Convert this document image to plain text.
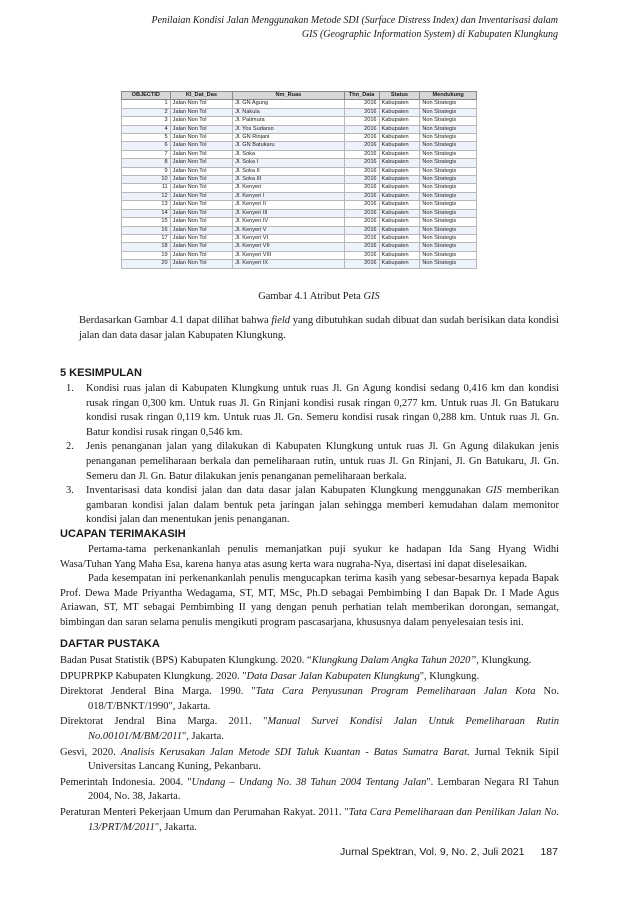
Penilaian Kondisi Jalan Menggunakan Metode SDI (Surface Distress Index) dan Inventarisasi dalam
GIS (Geographic Information System) di Kabupaten Klungkung
OBJECTID	Kl_Dat_Das	Nm_Ruas	Thn_Data	Status	Mendukung
1	Jalan Non Tol	Jl. GN Agung	2016	Kabupaten	Non Strategis
2	Jalan Non Tol	Jl. Nakula	2016	Kabupaten	Non Strategis
3	Jalan Non Tol	Jl. Patimura	2016	Kabupaten	Non Strategis
4	Jalan Non Tol	Jl. Yos Sudarso	2016	Kabupaten	Non Strategis
5	Jalan Non Tol	Jl. GN Rinjani	2016	Kabupaten	Non Strategis
6	Jalan Non Tol	Jl. GN Batukaru	2016	Kabupaten	Non Strategis
7	Jalan Non Tol	Jl. Soka	2016	Kabupaten	Non Strategis
8	Jalan Non Tol	Jl. Soka I	2016	Kabupaten	Non Strategis
9	Jalan Non Tol	Jl. Soka II	2016	Kabupaten	Non Strategis
10	Jalan Non Tol	Jl. Soka III	2016	Kabupaten	Non Strategis
11	Jalan Non Tol	Jl. Kenyeri	2016	Kabupaten	Non Strategis
12	Jalan Non Tol	Jl. Kenyeri I	2016	Kabupaten	Non Strategis
13	Jalan Non Tol	Jl. Kenyeri II	2016	Kabupaten	Non Strategis
14	Jalan Non Tol	Jl. Kenyeri III	2016	Kabupaten	Non Strategis
15	Jalan Non Tol	Jl. Kenyeri IV	2016	Kabupaten	Non Strategis
16	Jalan Non Tol	Jl. Kenyeri V	2016	Kabupaten	Non Strategis
17	Jalan Non Tol	Jl. Kenyeri VI	2016	Kabupaten	Non Strategis
18	Jalan Non Tol	Jl. Kenyeri VII	2016	Kabupaten	Non Strategis
19	Jalan Non Tol	Jl. Kenyeri VIII	2016	Kabupaten	Non Strategis
20	Jalan Non Tol	Jl. Kenyeri IX	2016	Kabupaten	Non Strategis
Gambar 4.1 Atribut Peta GIS
Berdasarkan Gambar 4.1 dapat dilihat bahwa field yang dibutuhkan sudah dibuat dan sudah berisikan data kondisi jalan dan data dasar jalan Kabupaten Klungkung.
5 KESIMPULAN
1.	Kondisi ruas jalan di Kabupaten Klungkung untuk ruas Jl. Gn Agung kondisi sedang 0,416 km dan kondisi rusak ringan 0,300 km. Untuk ruas Jl. Gn Rinjani kondisi rusak ringan 0,277 km. Untuk ruas Jl. Gn Batukaru kondisi rusak ringan 0,119 km. Untuk ruas Jl. Gn. Semeru kondisi rusak ringan 0,288 km. Untuk ruas Jl. Gn. Batur kondisi rusak ringan 0,546 km.
2.	Jenis penanganan jalan yang dilakukan di Kabupaten Klungkung untuk ruas Jl. Gn Agung dilakukan jenis penanganan pemeliharaan berkala dan pemeliharaan rutin, untuk ruas Jl. Gn Rinjani, Jl. Gn Batukaru, Jl. Gn. Semeru dan Jl. Gn. Batur dilakukan jenis penanganan pemeliharaan berkala.
3.	Inventarisasi data kondisi jalan dan data dasar jalan Kabupaten Klungkung menggunakan GIS memberikan gambaran kondisi jalan dalam bentuk peta jaringan jalan sehingga memberi kemudahan dalam memonitor kondisi jalan dan menentukan jenis penanganan.
UCAPAN TERIMAKASIH

Pertama-tama perkenankanlah penulis memanjatkan puji syukur ke hadapan Ida Sang Hyang Widhi Wasa/Tuhan Yang Maha Esa, karena hanya atas asung kerta wara nugraha-Nya, disertasi ini dapat diselesaikan.

Pada kesempatan ini perkenankanlah penulis mengucapkan terima kasih yang sebesar-besarnya kepada Bapak Prof. Dewa Made Priyantha Wedagama, ST, MT, MSc, Ph.D sebagai Pembimbing I dan Bapak Dr. I Made Agus Ariawan, ST, MT sebagai Pembimbing II yang dengan penuh perhatian telah memberikan dorongan, semangat, bimbingan dan saran selama penulis mengikuti program pascasarjana, khususnya dalam penyelesaian tesis ini.

DAFTAR PUSTAKA
Badan Pusat Statistik (BPS) Kabupaten Klungkung. 2020. “Klungkung Dalam Angka Tahun 2020”, Klungkung.
DPUPRPKP Kabupaten Klungkung. 2020. "Data Dasar Jalan Kabupaten Klungkung", Klungkung.
Direktorat Jenderal Bina Marga. 1990. "Tata Cara Penyusunan Program Pemeliharaan Jalan Kota No. 018/T/BNKT/1990", Jakarta.
Direktorat Jendral Bina Marga. 2011. "Manual Survei Kondisi Jalan Untuk Pemeliharaan Rutin No.00101/M/BM/2011", Jakarta.
Gesvi, 2020. Analisis Kerusakan Jalan Metode SDI Taluk Kuantan - Batas Sumatra Barat. Jurnal Teknik Sipil Universitas Lancang Kuning, Pekanbaru.
Pemerintah Indonesia. 2004. "Undang – Undang No. 38 Tahun 2004 Tentang Jalan". Lembaran Negara RI Tahun 2004, No. 38, Jakarta.
Peraturan Menteri Pekerjaan Umum dan Perumahan Rakyat. 2011. "Tata Cara Pemeliharaan dan Penilikan Jalan No. 13/PRT/M/2011", Jakarta.
Jurnal Spektran, Vol. 9, No. 2, Juli 2021 187
